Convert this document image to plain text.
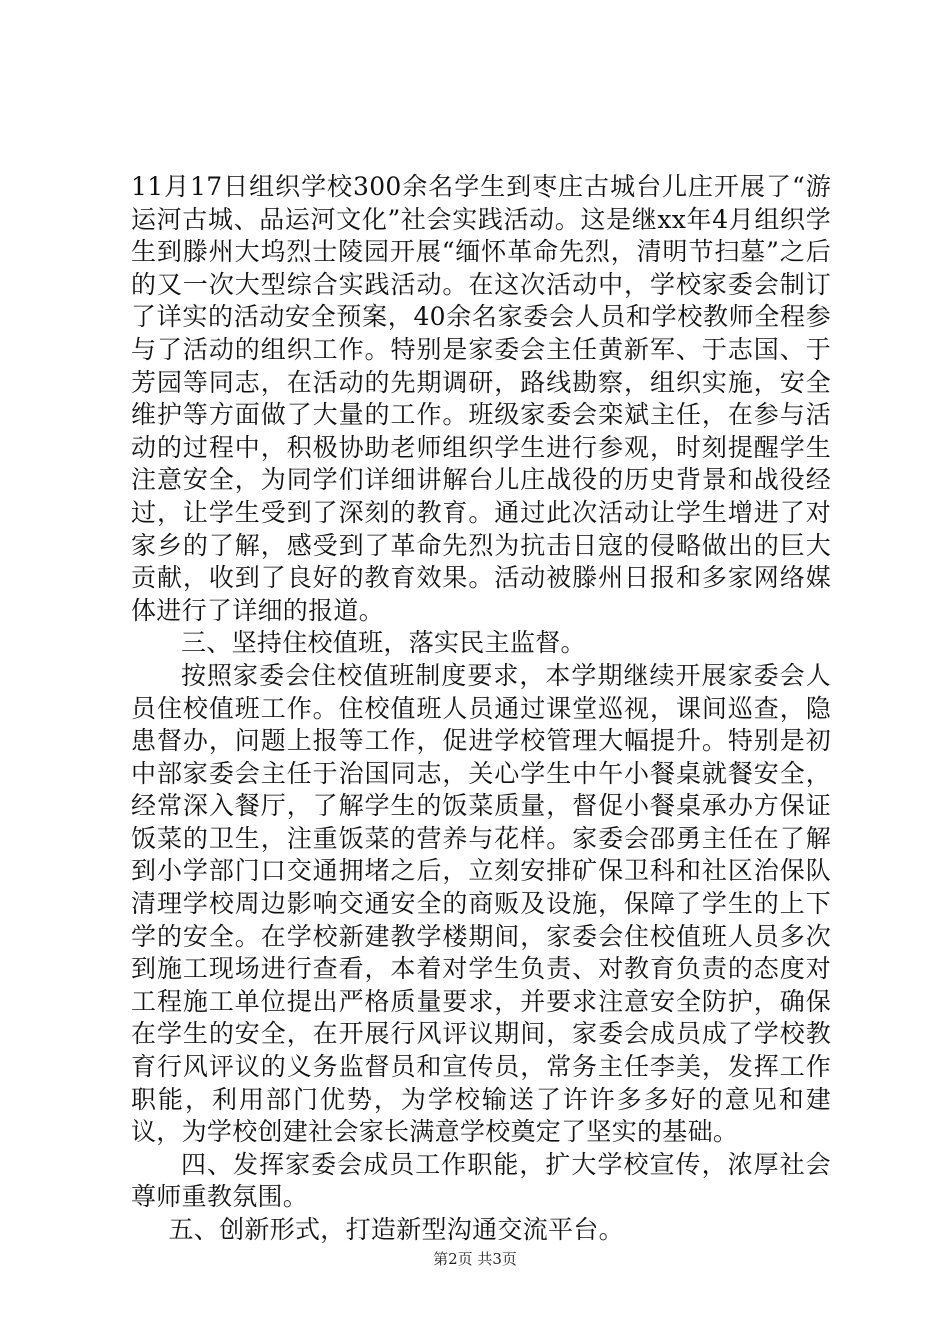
11月17日组织学校300余名学生到枣庄古城台儿庄开展了“游运河古城、品运河文化”社会实践活动。这是继xx年4月组织学生到滕州大坞烈士陵园开展“缅怀革命先烈，清明节扫墓”之后的又一次大型综合实践活动。在这次活动中，学校家委会制订了详实的活动安全预案，40余名家委会人员和学校教师全程参与了活动的组织工作。特别是家委会主任黄新军、于志国、于芳园等同志，在活动的先期调研，路线勘察，组织实施，安全维护等方面做了大量的工作。班级家委会栾斌主任，在参与活动的过程中，积极协助老师组织学生进行参观，时刻提醒学生注意安全，为同学们详细讲解台儿庄战役的历史背景和战役经过，让学生受到了深刻的教育。通过此次活动让学生增进了对家乡的了解，感受到了革命先烈为抗击日寇的侵略做出的巨大贡献，收到了良好的教育效果。活动被滕州日报和多家网络媒体进行了详细的报道。

三、坚持住校值班，落实民主监督。

按照家委会住校值班制度要求，本学期继续开展家委会人员住校值班工作。住校值班人员通过课堂巡视，课间巡查，隐患督办，问题上报等工作，促进学校管理大幅提升。特别是初中部家委会主任于治国同志，关心学生中午小餐桌就餐安全，经常深入餐厅，了解学生的饭菜质量，督促小餐桌承办方保证饭菜的卫生，注重饭菜的营养与花样。家委会邵勇主任在了解到小学部门口交通拥堵之后，立刻安排矿保卫科和社区治保队清理学校周边影响交通安全的商贩及设施，保障了学生的上下学的安全。在学校新建教学楼期间，家委会住校值班人员多次到施工现场进行查看，本着对学生负责、对教育负责的态度对工程施工单位提出严格质量要求，并要求注意安全防护，确保在学生的安全，在开展行风评议期间，家委会成员成了学校教育行风评议的义务监督员和宣传员，常务主任李美，发挥工作职能，利用部门优势，为学校输送了许许多多好的意见和建议，为学校创建社会家长满意学校奠定了坚实的基础。

四、发挥家委会成员工作职能，扩大学校宣传，浓厚社会尊师重教氛围。

五、创新形式，打造新型沟通交流平台。

第2页 共3页
